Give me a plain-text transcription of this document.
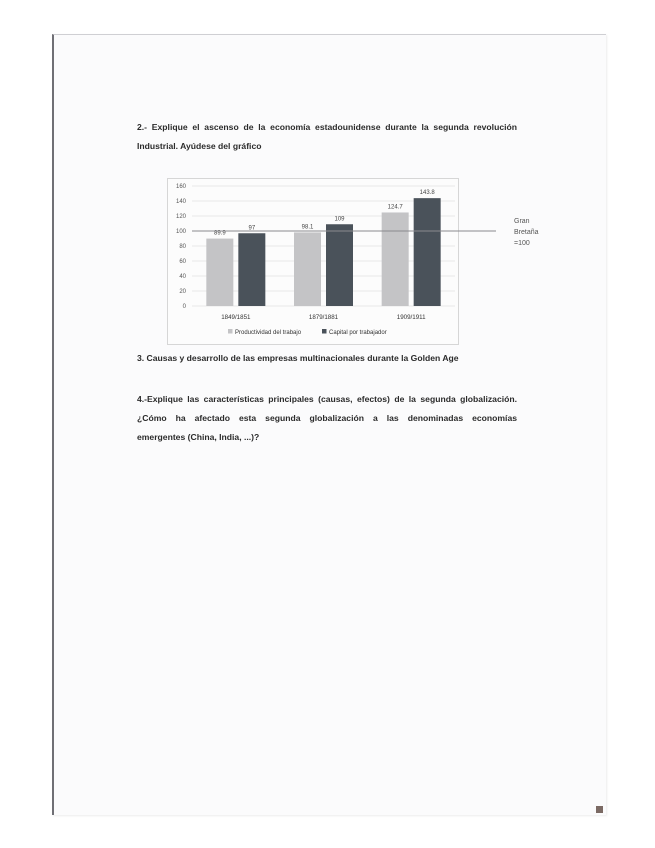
2.- Explique el ascenso de la economía estadounidense durante la segunda revolución
Industrial. Ayúdese del gráfico
0
20
40
60
80
100
120
140
160
89.9
97
1849/1851
98.1
109
1879/1881
124.7
143.8
1909/1911
Gran
Bretaña
=100
Productividad del trabajo	Capital por trabajador
3. Causas y desarrollo de las empresas multinacionales durante la Golden Age
4.-Explique las características principales (causas, efectos) de la segunda globalización.
¿Cómo ha afectado esta segunda globalización a las denominadas economías
emergentes (China, India, ...)?
